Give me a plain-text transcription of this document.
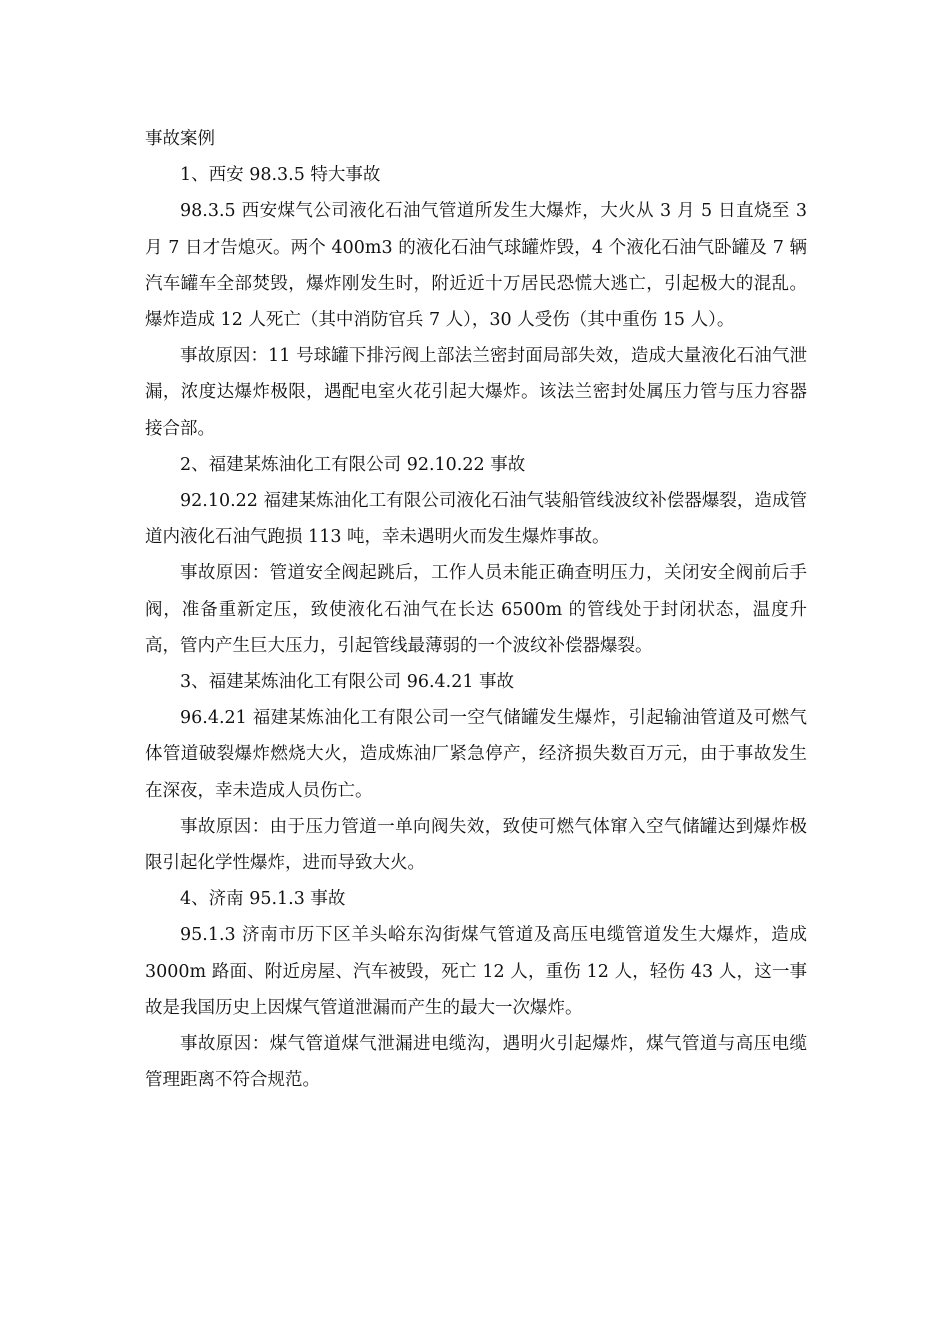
事故案例

1、西安 98.3.5 特大事故

98.3.5 西安煤气公司液化石油气管道所发生大爆炸，大火从 3 月 5 日直烧至 3 月 7 日才告熄灭。两个 400m3 的液化石油气球罐炸毁，4 个液化石油气卧罐及 7 辆汽车罐车全部焚毁，爆炸刚发生时，附近近十万居民恐慌大逃亡，引起极大的混乱。爆炸造成 12 人死亡（其中消防官兵 7 人），30 人受伤（其中重伤 15 人）。

事故原因：11 号球罐下排污阀上部法兰密封面局部失效，造成大量液化石油气泄漏，浓度达爆炸极限，遇配电室火花引起大爆炸。该法兰密封处属压力管与压力容器接合部。

2、福建某炼油化工有限公司 92.10.22 事故

92.10.22 福建某炼油化工有限公司液化石油气装船管线波纹补偿器爆裂，造成管道内液化石油气跑损 113 吨，幸未遇明火而发生爆炸事故。

事故原因：管道安全阀起跳后，工作人员未能正确查明压力，关闭安全阀前后手阀，准备重新定压，致使液化石油气在长达 6500m 的管线处于封闭状态，温度升高，管内产生巨大压力，引起管线最薄弱的一个波纹补偿器爆裂。

3、福建某炼油化工有限公司 96.4.21 事故

96.4.21 福建某炼油化工有限公司一空气储罐发生爆炸，引起输油管道及可燃气体管道破裂爆炸燃烧大火，造成炼油厂紧急停产，经济损失数百万元，由于事故发生在深夜，幸未造成人员伤亡。

事故原因：由于压力管道一单向阀失效，致使可燃气体窜入空气储罐达到爆炸极限引起化学性爆炸，进而导致大火。

4、济南 95.1.3 事故

95.1.3 济南市历下区羊头峪东沟街煤气管道及高压电缆管道发生大爆炸，造成 3000m 路面、附近房屋、汽车被毁，死亡 12 人，重伤 12 人，轻伤 43 人，这一事故是我国历史上因煤气管道泄漏而产生的最大一次爆炸。

事故原因：煤气管道煤气泄漏进电缆沟，遇明火引起爆炸，煤气管道与高压电缆管理距离不符合规范。
